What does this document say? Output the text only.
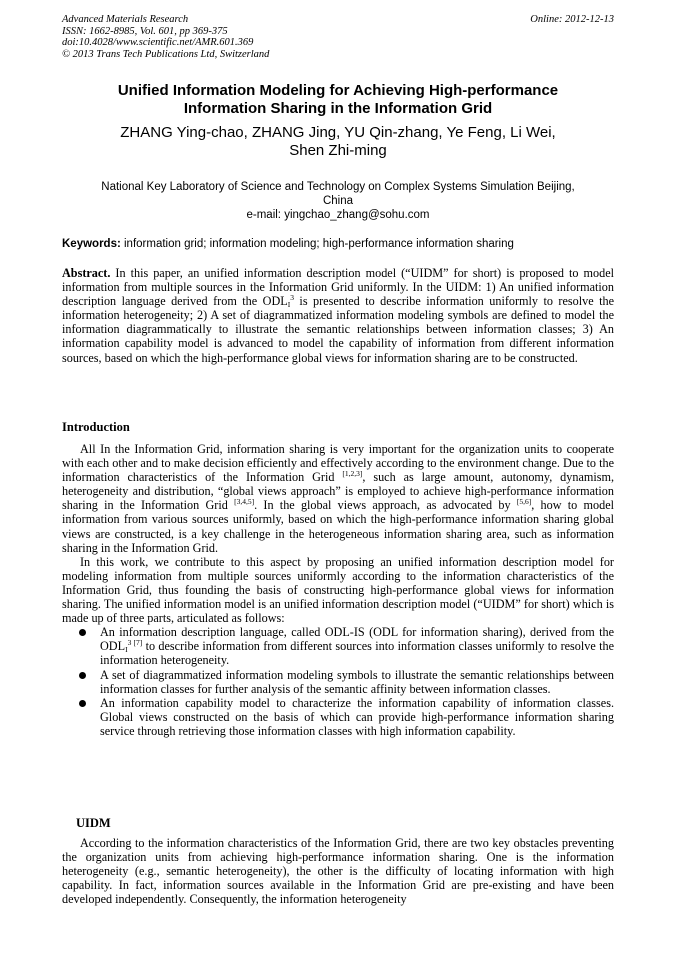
Advanced Materials Research
ISSN: 1662-8985, Vol. 601, pp 369-375
doi:10.4028/www.scientific.net/AMR.601.369
© 2013 Trans Tech Publications Ltd, Switzerland
Online: 2012-12-13
Unified Information Modeling for Achieving High-performance
Information Sharing in the Information Grid
ZHANG Ying-chao, ZHANG Jing, YU Qin-zhang, Ye Feng, Li Wei,
Shen Zhi-ming
National Key Laboratory of Science and Technology on Complex Systems Simulation Beijing,
China
e-mail: yingchao_zhang@sohu.com
Keywords: information grid; information modeling; high-performance information sharing
Abstract. In this paper, an unified information description model (“UIDM” for short) is proposed to model information from multiple sources in the Information Grid uniformly. In the UIDM: 1) An unified information description language derived from the $ODL_I^3$ is presented to describe information uniformly to resolve the information heterogeneity; 2) A set of diagrammatized information modeling symbols are defined to model the information diagrammatically to illustrate the semantic relationships between information classes; 3) An information capability model is advanced to model the capability of information from different information sources, based on which the high-performance global views for information sharing are to be constructed.
Introduction

All In the Information Grid, information sharing is very important for the organization units to cooperate with each other and to make decision efficiently and effectively according to the environment change. Due to the information characteristics of the Information Grid [1,2,3], such as large amount, autonomy, dynamism, heterogeneity and distribution, “global views approach” is employed to achieve high-performance information sharing in the Information Grid [3,4,5]. In the global views approach, as advocated by [5,6], how to model information from various sources uniformly, based on which the high-performance information sharing global views are constructed, is a key challenge in the heterogeneous information sharing area, such as information sharing in the Information Grid.

In this work, we contribute to this aspect by proposing an unified information description model for modeling information from multiple sources uniformly according to the information characteristics of the Information Grid, thus founding the basis of constructing high-performance global views for information sharing. The unified information model is an unified information description model (“UIDM” for short) which is made up of three parts, articulated as follows:

An information description language, called ODL-IS (ODL for information sharing), derived from the $ODL_I^3$ [7] to describe information from different sources into information classes uniformly to resolve the information heterogeneity.
A set of diagrammatized information modeling symbols to illustrate the semantic relationships between information classes for further analysis of the semantic affinity between information classes.
An information capability model to characterize the information capability of information classes. Global views constructed on the basis of which can provide high-performance information sharing service through retrieving those information classes with high information capability.
UIDM

According to the information characteristics of the Information Grid, there are two key obstacles preventing the organization units from achieving high-performance information sharing. One is the information heterogeneity (e.g., semantic heterogeneity), the other is the difficulty of locating information with high capability. In fact, information sources available in the Information Grid are pre-existing and have been developed independently. Consequently, the information heterogeneity
